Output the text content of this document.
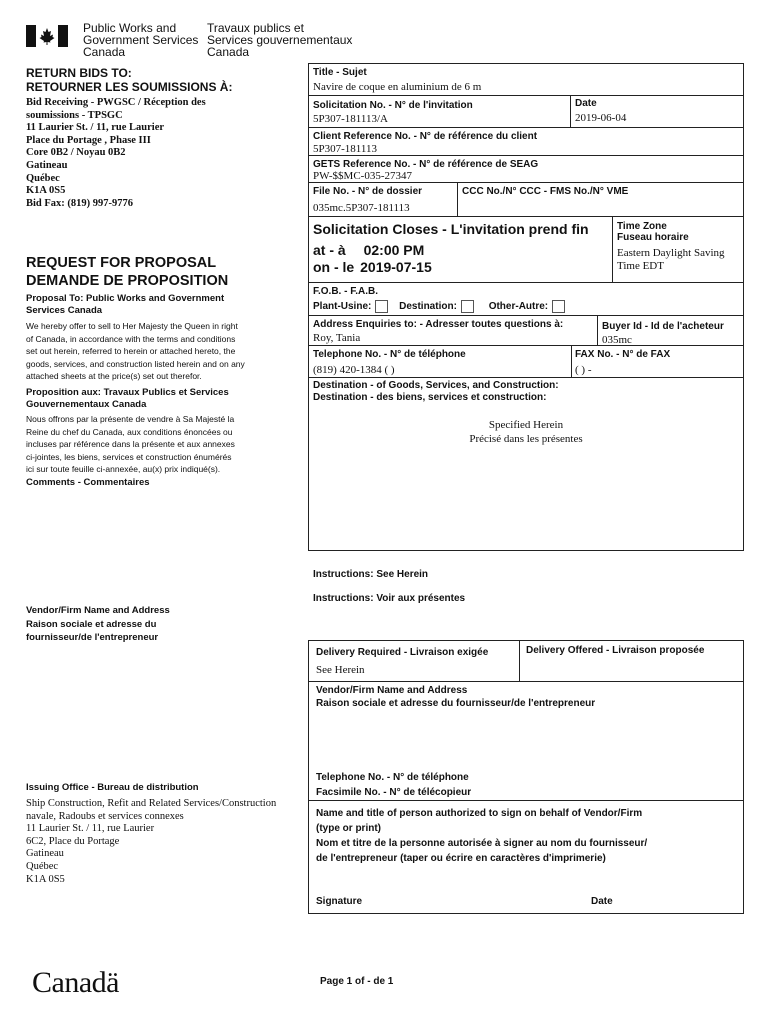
Public Works and
Government Services
Canada
Travaux publics et
Services gouvernementaux
Canada
RETURN BIDS TO:
RETOURNER LES SOUMISSIONS À:
Bid Receiving - PWGSC / Réception des
soumissions - TPSGC
11 Laurier St. / 11, rue Laurier
Place du Portage , Phase III
Core 0B2 / Noyau 0B2
Gatineau
Québec
K1A 0S5
Bid Fax: (819) 997-9776
REQUEST FOR PROPOSAL
DEMANDE DE PROPOSITION
Proposal To: Public Works and Government Services Canada
We hereby offer to sell to Her Majesty the Queen in right
of Canada, in accordance with the terms and conditions
set out herein, referred to herein or attached hereto, the
goods, services, and construction listed herein and on any
attached sheets at the price(s) set out therefor.
Proposition aux: Travaux Publics et Services
Gouvernementaux Canada
Nous offrons par la présente de vendre à Sa Majesté la
Reine du chef du Canada, aux conditions énoncées ou
incluses par référence dans la présente et aux annexes
ci-jointes, les biens, services et construction énumérés
ici sur toute feuille ci-annexée, au(x) prix indiqué(s).
Comments - Commentaires
Vendor/Firm Name and Address
Raison sociale et adresse du
fournisseur/de l'entrepreneur
Issuing Office - Bureau de distribution
Ship Construction, Refit and Related Services/Construction
navale, Radoubs et services connexes
11 Laurier St. / 11, rue Laurier
6C2, Place du Portage
Gatineau
Québec
K1A 0S5
Title - Sujet
Navire de coque en aluminium de 6 m
Solicitation No. - N° de l'invitation
5P307-181113/A
Date
2019-06-04
Client Reference No. - N° de référence du client
5P307-181113
GETS Reference No. - N° de référence de SEAG
PW-$$MC-035-27347
File No. - N° de dossier
035mc.5P307-181113
CCC No./N° CCC - FMS No./N° VME
Solicitation Closes - L'invitation prend fin
at - à 02:00 PM
on - le 2019-07-15
Time Zone
Fuseau horaire
Eastern Daylight Saving
Time EDT
F.O.B. - F.A.B.
Plant-Usine:	Destination:	Other-Autre:
Address Enquiries to: - Adresser toutes questions à:
Roy, Tania
Buyer Id - Id de l'acheteur
035mc
Telephone No. - N° de téléphone
(819) 420-1384 ( )
FAX No. - N° de FAX
( ) -
Destination - of Goods, Services, and Construction:
Destination - des biens, services et construction:
Specified Herein
Précisé dans les présentes
Instructions: See Herein
Instructions: Voir aux présentes
Delivery Required - Livraison exigée
See Herein
Delivery Offered - Livraison proposée
Vendor/Firm Name and Address
Raison sociale et adresse du fournisseur/de l'entrepreneur
Telephone No. - N° de téléphone
Facsimile No. - N° de télécopieur
Name and title of person authorized to sign on behalf of Vendor/Firm
(type or print)
Nom et titre de la personne autorisée à signer au nom du fournisseur/
de l'entrepreneur (taper ou écrire en caractères d'imprimerie)
Signature	Date
Canadä	Page 1 of - de 1
